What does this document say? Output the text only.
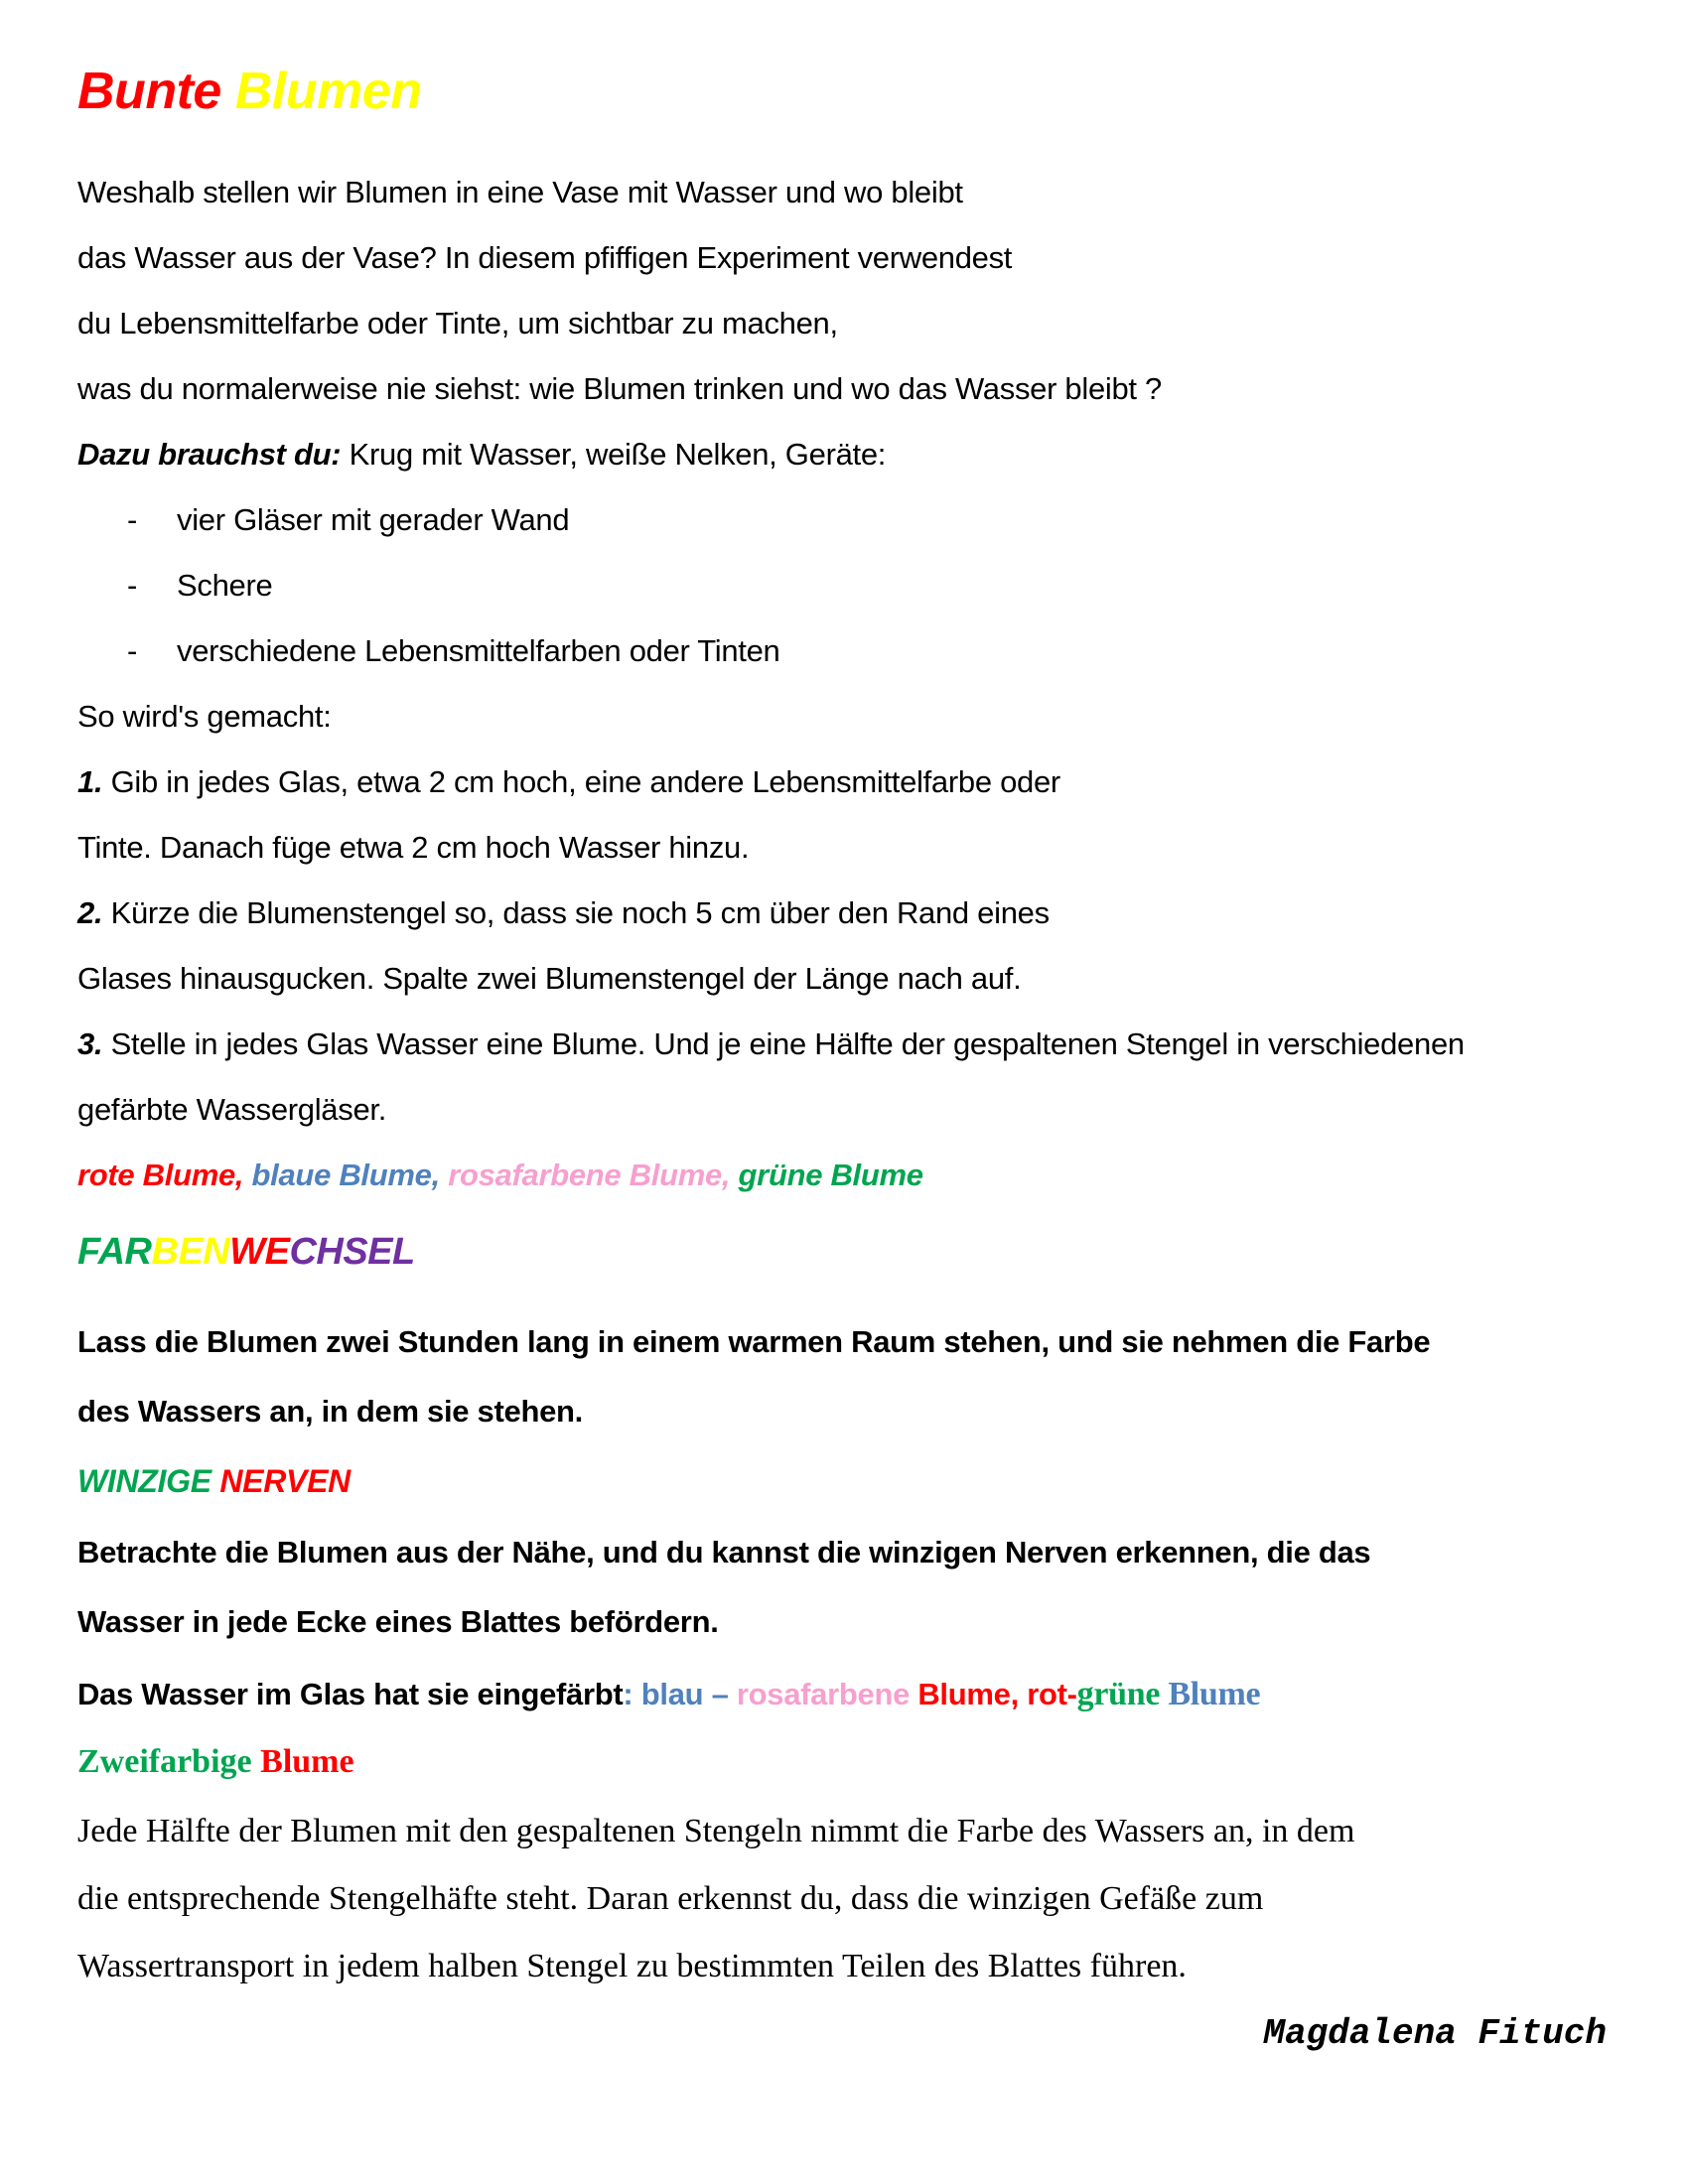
Bunte Blumen
Weshalb stellen wir Blumen in eine Vase mit Wasser und wo bleibt
das Wasser aus der Vase? In diesem pfiffigen Experiment verwendest
du Lebensmittelfarbe oder Tinte, um sichtbar zu machen,
was du normalerweise nie siehst: wie Blumen trinken und wo das Wasser bleibt ?
Dazu brauchst du: Krug mit Wasser, weiße Nelken, Geräte:
- vier Gläser mit gerader Wand
- Schere
- verschiedene Lebensmittelfarben oder Tinten
So wird's gemacht:
1. Gib in jedes Glas, etwa 2 cm hoch, eine andere Lebensmittelfarbe oder
Tinte. Danach füge etwa 2 cm hoch Wasser hinzu.
2. Kürze die Blumenstengel so, dass sie noch 5 cm über den Rand eines
Glases hinausgucken. Spalte zwei Blumenstengel der Länge nach auf.
3. Stelle in jedes Glas Wasser eine Blume. Und je eine Hälfte der gespaltenen Stengel in verschiedenen
gefärbte Wassergläser.
rote Blume, blaue Blume, rosafarbene Blume, grüne Blume
FARBENWECHSEL
Lass die Blumen zwei Stunden lang in einem warmen Raum stehen, und sie nehmen die Farbe
des Wassers an, in dem sie stehen.
WINZIGE NERVEN
Betrachte die Blumen aus der Nähe, und du kannst die winzigen Nerven erkennen, die das
Wasser in jede Ecke eines Blattes befördern.
Das Wasser im Glas hat sie eingefärbt: blau – rosafarbene Blume, rot-grüne Blume
Zweifarbige Blume
Jede Hälfte der Blumen mit den gespaltenen Stengeln nimmt die Farbe des Wassers an, in dem
die entsprechende Stengelhäfte steht. Daran erkennst du, dass die winzigen Gefäße zum
Wassertransport in jedem halben Stengel zu bestimmten Teilen des Blattes führen.
Magdalena Fituch
